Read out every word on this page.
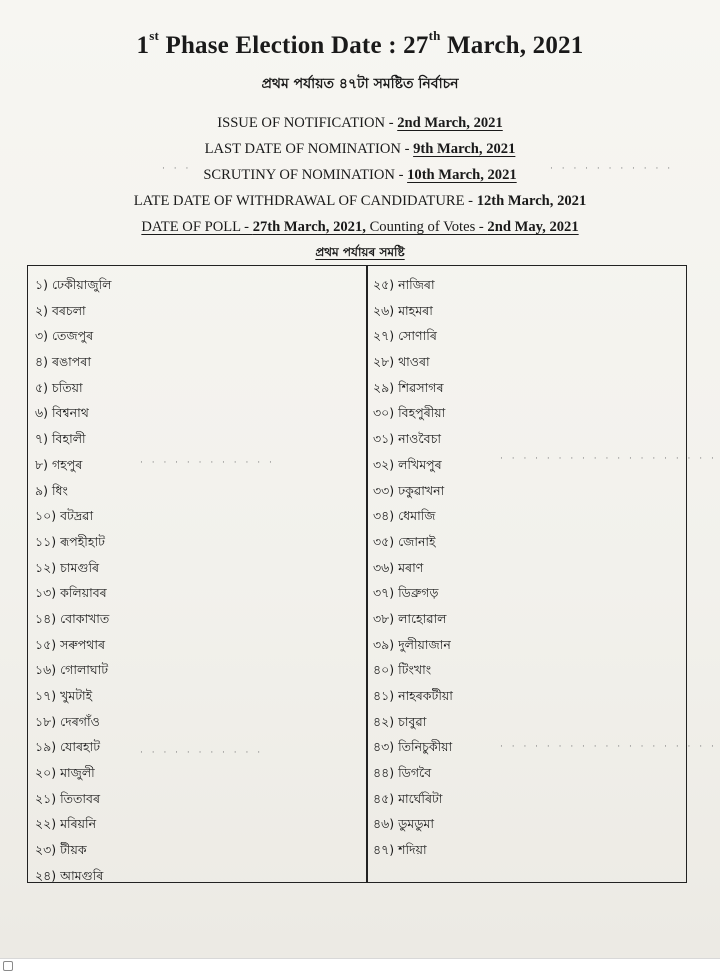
1st Phase Election Date : 27th March, 2021
প্ৰথম পৰ্যায়ত ৪৭টা সমষ্টিত নিৰ্বাচন
ISSUE OF NOTIFICATION - 2nd March, 2021
LAST DATE OF NOMINATION - 9th March, 2021
SCRUTINY OF NOMINATION - 10th March, 2021
LATE DATE OF WITHDRAWAL OF CANDIDATURE - 12th March, 2021
DATE OF POLL - 27th March, 2021, Counting of Votes - 2nd May, 2021
· · · · · · · · · · ·
· · ·
প্ৰথম পৰ্যায়ৰ সমষ্টি
১) ঢেকীয়াজুলি
২) বৰচলা
৩) তেজপুৰ
৪) ৰঙাপৰা
৫) চতিয়া
৬) বিশ্বনাথ
৭) বিহালী
৮) গহপুৰ
৯) ধিং
১০) বটদ্ৰৱা
১১) ৰূপহীহাট
১২) চামগুৰি
১৩) কলিয়াবৰ
১৪) বোকাখাত
১৫) সৰুপথাৰ
১৬) গোলাঘাট
১৭) খুমটাই
১৮) দেৰগাঁও
১৯) যোৰহাট
২০) মাজুলী
২১) তিতাবৰ
২২) মৰিয়নি
২৩) টীয়ক
২৪) আমগুৰি
২৫) নাজিৰা
২৬) মাহমৰা
২৭) সোণাৰি
২৮) থাওৰা
২৯) শিৱসাগৰ
৩০) বিহপুৰীয়া
৩১) নাওবৈচা
৩২) লখিমপুৰ
৩৩) ঢকুৱাখনা
৩৪) ধেমাজি
৩৫) জোনাই
৩৬) মৰাণ
৩৭) ডিব্ৰুগড়
৩৮) লাহোৱাল
৩৯) দুলীয়াজান
৪০) টিংখাং
৪১) নাহৰকটীয়া
৪২) চাবুৱা
৪৩) তিনিচুকীয়া
৪৪) ডিগবৈ
৪৫) মাৰ্ঘেৰিটা
৪৬) ডুমডুমা
৪৭) শদিয়া
· · · · · · · · · · · ·	· · · · · · · · · · · · · · · · · · ·
· · · · · · · · · · ·
· · · · · · · · · · · · · · · · · · ·
